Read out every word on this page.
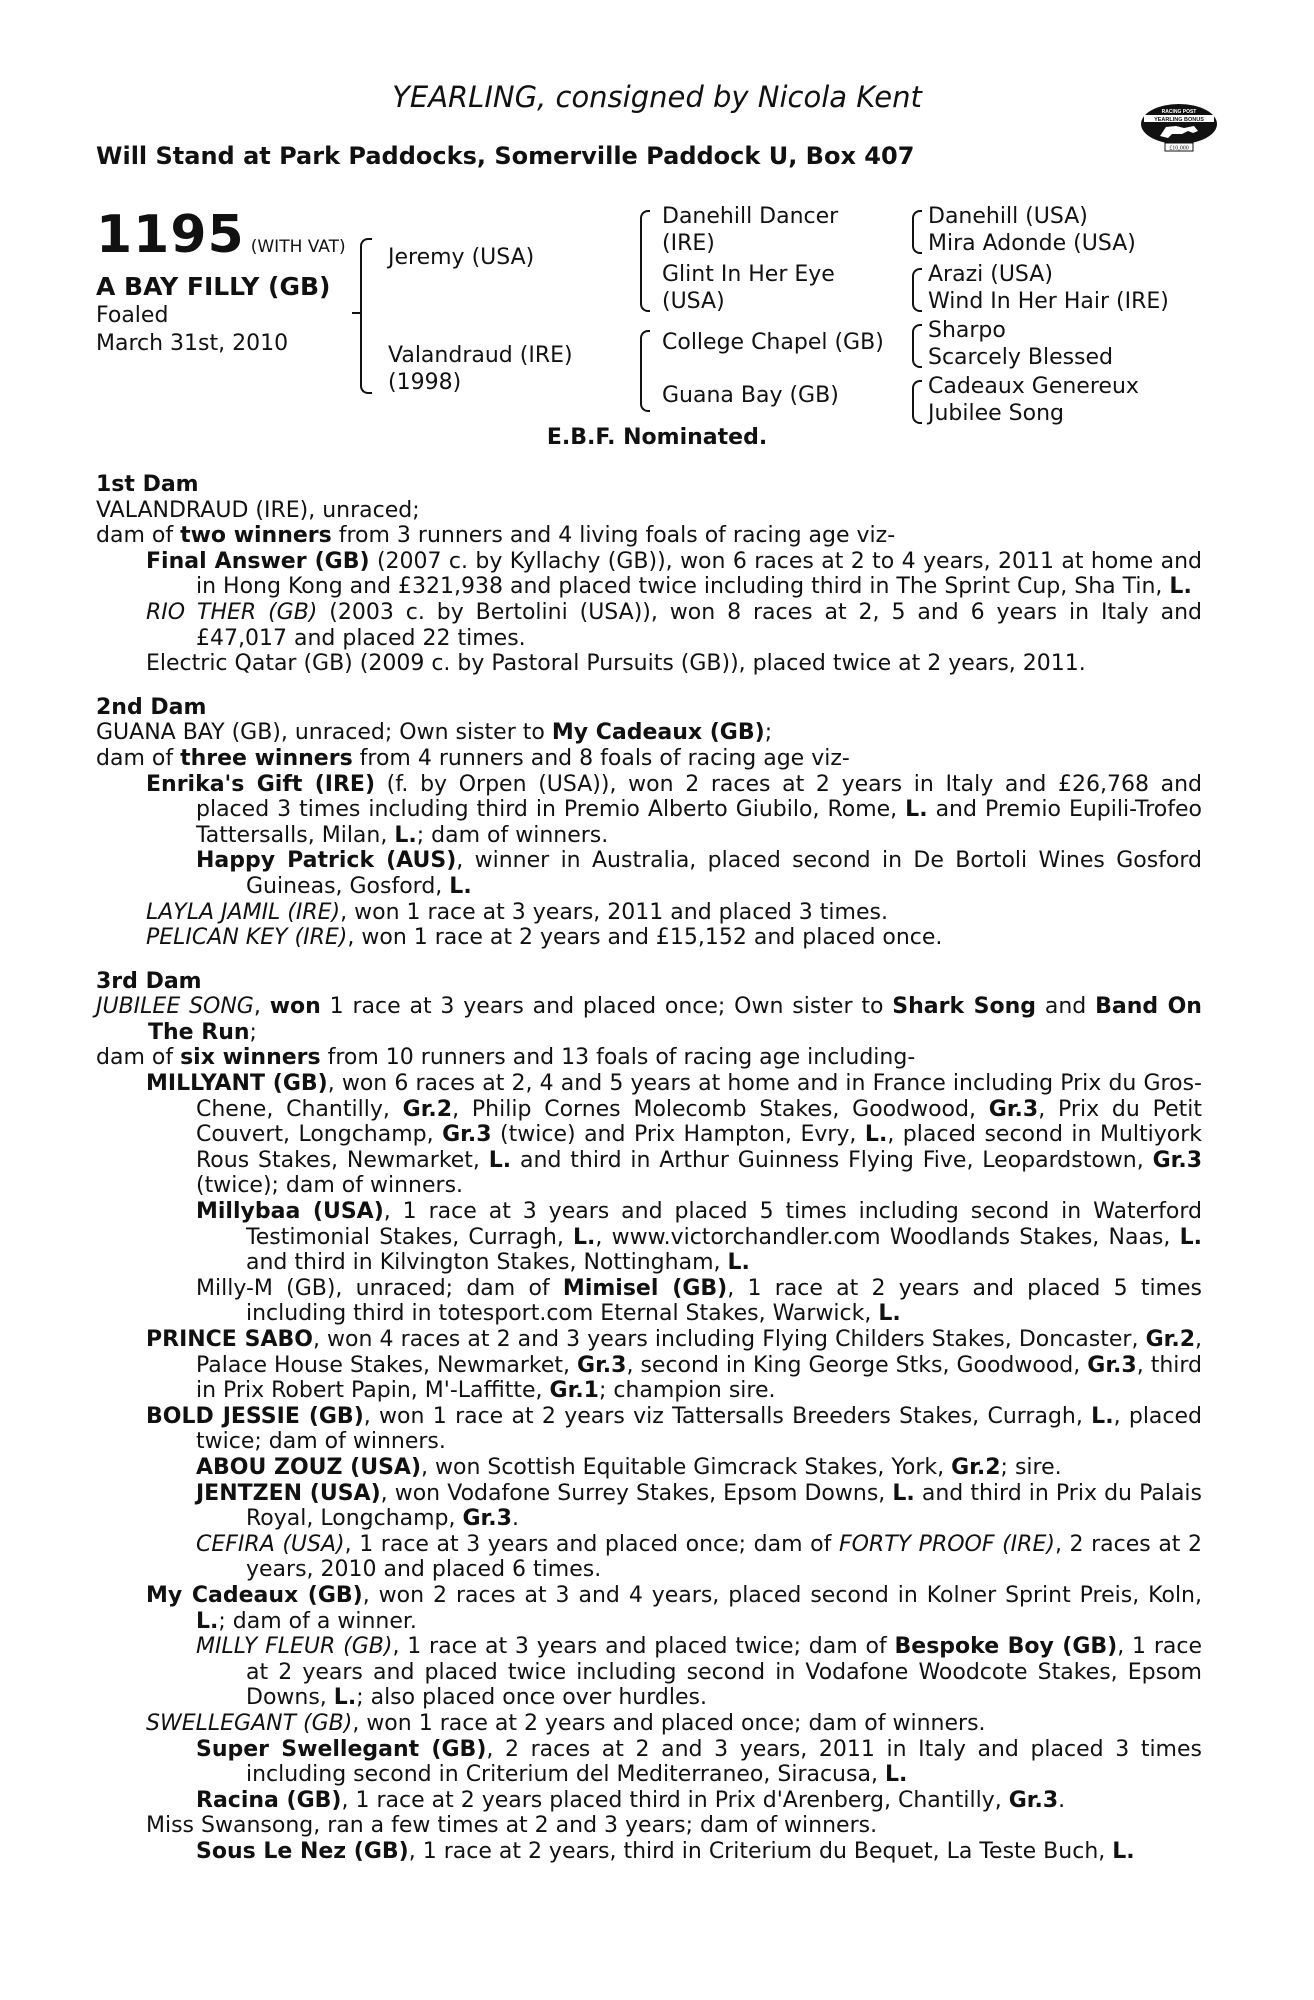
YEARLING, consigned by Nicola Kent
Will Stand at Park Paddocks, Somerville Paddock U, Box 407
RACING POST
YEARLING BONUS
£10,000
1195 (WITH VAT)
A BAY FILLY (GB)
Foaled
March 31st, 2010
Jeremy (USA)
Valandraud (IRE)
(1998)
Danehill Dancer
(IRE)
Glint In Her Eye
(USA)
College Chapel (GB)
Guana Bay (GB)
Danehill (USA)
Mira Adonde (USA)
Arazi (USA)
Wind In Her Hair (IRE)
Sharpo
Scarcely Blessed
Cadeaux Genereux
Jubilee Song
E.B.F. Nominated.
1st Dam

VALANDRAUD (IRE), unraced;

dam of two winners from 3 runners and 4 living foals of racing age viz-

Final Answer (GB) (2007 c. by Kyllachy (GB)), won 6 races at 2 to 4 years, 2011 at home and in Hong Kong and £321,938 and placed twice including third in The Sprint Cup, Sha Tin, L.

RIO THER (GB) (2003 c. by Bertolini (USA)), won 8 races at 2, 5 and 6 years in Italy and £47,017 and placed 22 times.

Electric Qatar (GB) (2009 c. by Pastoral Pursuits (GB)), placed twice at 2 years, 2011.

2nd Dam

GUANA BAY (GB), unraced; Own sister to My Cadeaux (GB);

dam of three winners from 4 runners and 8 foals of racing age viz-

Enrika's Gift (IRE) (f. by Orpen (USA)), won 2 races at 2 years in Italy and £26,768 and placed 3 times including third in Premio Alberto Giubilo, Rome, L. and Premio Eupili-Trofeo Tattersalls, Milan, L.; dam of winners.

Happy Patrick (AUS), winner in Australia, placed second in De Bortoli Wines Gosford Guineas, Gosford, L.

LAYLA JAMIL (IRE), won 1 race at 3 years, 2011 and placed 3 times.

PELICAN KEY (IRE), won 1 race at 2 years and £15,152 and placed once.

3rd Dam

JUBILEE SONG, won 1 race at 3 years and placed once; Own sister to Shark Song and Band On The Run;

dam of six winners from 10 runners and 13 foals of racing age including-

MILLYANT (GB), won 6 races at 2, 4 and 5 years at home and in France including Prix du Gros-Chene, Chantilly, Gr.2, Philip Cornes Molecomb Stakes, Goodwood, Gr.3, Prix du Petit Couvert, Longchamp, Gr.3 (twice) and Prix Hampton, Evry, L., placed second in Multiyork Rous Stakes, Newmarket, L. and third in Arthur Guinness Flying Five, Leopardstown, Gr.3 (twice); dam of winners.

Millybaa (USA), 1 race at 3 years and placed 5 times including second in Waterford Testimonial Stakes, Curragh, L., www.victorchandler.com Woodlands Stakes, Naas, L. and third in Kilvington Stakes, Nottingham, L.

Milly-M (GB), unraced; dam of Mimisel (GB), 1 race at 2 years and placed 5 times including third in totesport.com Eternal Stakes, Warwick, L.

PRINCE SABO, won 4 races at 2 and 3 years including Flying Childers Stakes, Doncaster, Gr.2, Palace House Stakes, Newmarket, Gr.3, second in King George Stks, Goodwood, Gr.3, third in Prix Robert Papin, M'-Laffitte, Gr.1; champion sire.

BOLD JESSIE (GB), won 1 race at 2 years viz Tattersalls Breeders Stakes, Curragh, L., placed twice; dam of winners.

ABOU ZOUZ (USA), won Scottish Equitable Gimcrack Stakes, York, Gr.2; sire.

JENTZEN (USA), won Vodafone Surrey Stakes, Epsom Downs, L. and third in Prix du Palais Royal, Longchamp, Gr.3.

CEFIRA (USA), 1 race at 3 years and placed once; dam of FORTY PROOF (IRE), 2 races at 2 years, 2010 and placed 6 times.

My Cadeaux (GB), won 2 races at 3 and 4 years, placed second in Kolner Sprint Preis, Koln, L.; dam of a winner.

MILLY FLEUR (GB), 1 race at 3 years and placed twice; dam of Bespoke Boy (GB), 1 race at 2 years and placed twice including second in Vodafone Woodcote Stakes, Epsom Downs, L.; also placed once over hurdles.

SWELLEGANT (GB), won 1 race at 2 years and placed once; dam of winners.

Super Swellegant (GB), 2 races at 2 and 3 years, 2011 in Italy and placed 3 times including second in Criterium del Mediterraneo, Siracusa, L.

Racina (GB), 1 race at 2 years placed third in Prix d'Arenberg, Chantilly, Gr.3.

Miss Swansong, ran a few times at 2 and 3 years; dam of winners.

Sous Le Nez (GB), 1 race at 2 years, third in Criterium du Bequet, La Teste Buch, L.
